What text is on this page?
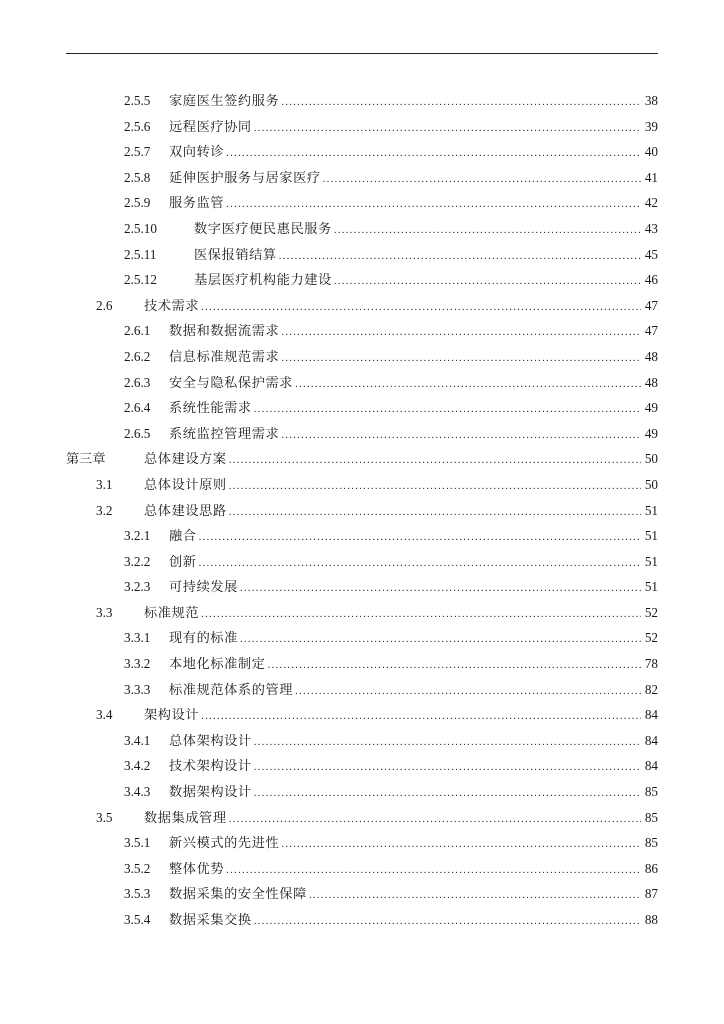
2.5.5 家庭医生签约服务 .....	38
2.5.6 远程医疗协同 .....	39
2.5.7 双向转诊 .....	40
2.5.8 延伸医护服务与居家医疗 .....	41
2.5.9 服务监管 .....	42
2.5.10	数字医疗便民惠民服务 .....	43
2.5.11	医保报销结算 .....	45
2.5.12	基层医疗机构能力建设 .....	46
2.6 技术需求 .....	47
2.6.1 数据和数据流需求 .....	47
2.6.2 信息标准规范需求 .....	48
2.6.3 安全与隐私保护需求 .....	48
2.6.4 系统性能需求 .....	49
2.6.5 系统监控管理需求 .....	49
第三章	总体建设方案 .....	50
3.1 总体设计原则 .....	50
3.2 总体建设思路 .....	51
3.2.1 融合 .....	51
3.2.2 创新 .....	51
3.2.3 可持续发展 .....	51
3.3 标准规范 .....	52
3.3.1 现有的标准 .....	52
3.3.2 本地化标准制定 .....	78
3.3.3 标准规范体系的管理 .....	82
3.4 架构设计 .....	84
3.4.1 总体架构设计 .....	84
3.4.2 技术架构设计 .....	84
3.4.3 数据架构设计 .....	85
3.5 数据集成管理 .....	85
3.5.1 新兴模式的先进性 .....	85
3.5.2 整体优势 .....	86
3.5.3 数据采集的安全性保障 .....	87
3.5.4 数据采集交换 .....	88
